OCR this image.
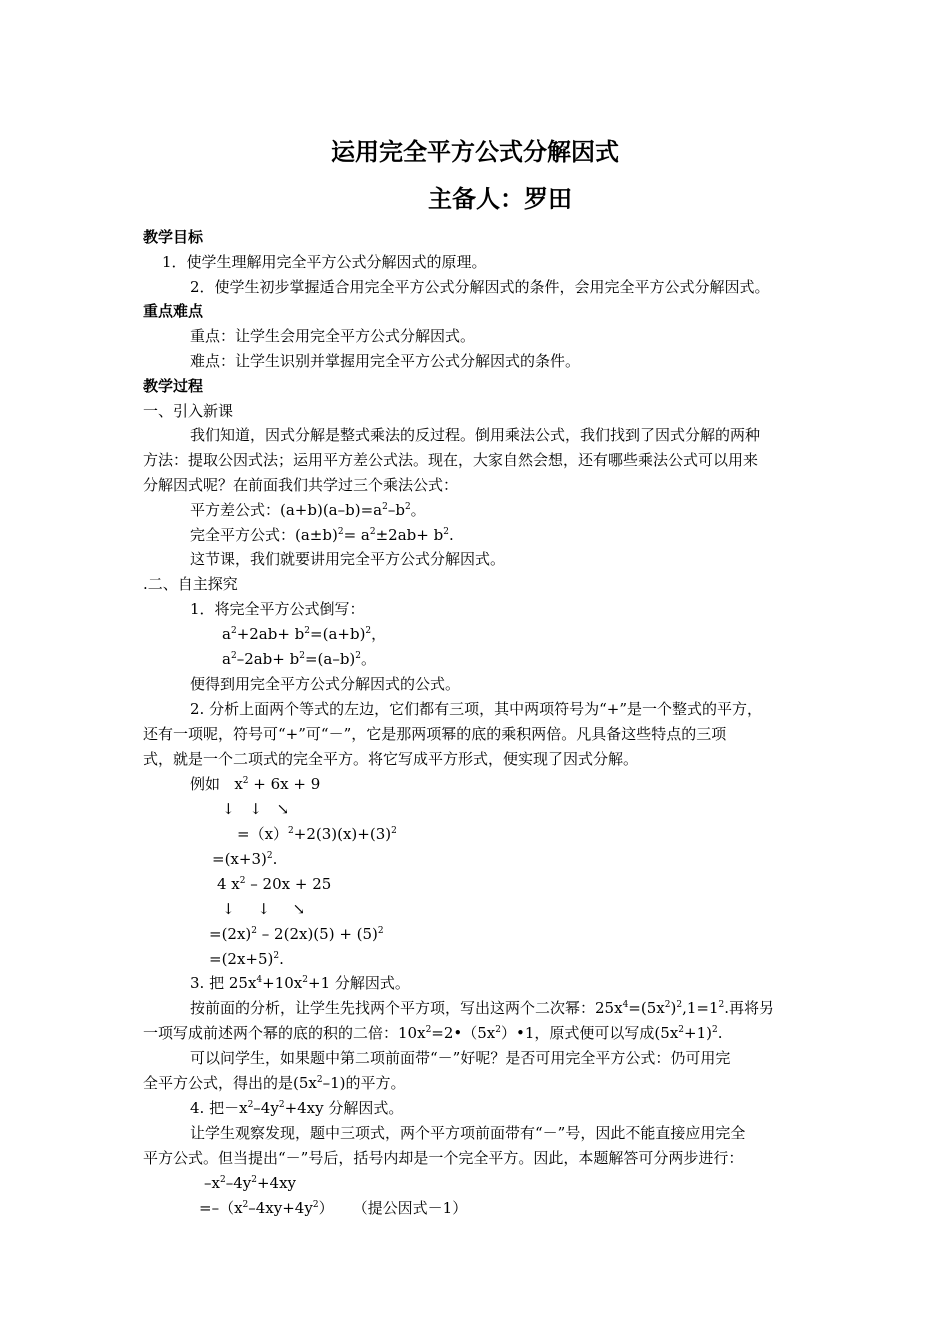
运用完全平方公式分解因式
主备人：罗田
教学目标
1．使学生理解用完全平方公式分解因式的原理。
2．使学生初步掌握适合用完全平方公式分解因式的条件，会用完全平方公式分解因式。
重点难点
重点：让学生会用完全平方公式分解因式。
难点：让学生识别并掌握用完全平方公式分解因式的条件。
教学过程
一、引入新课
我们知道，因式分解是整式乘法的反过程。倒用乘法公式，我们找到了因式分解的两种
方法：提取公因式法；运用平方差公式法。现在，大家自然会想，还有哪些乘法公式可以用来
分解因式呢？在前面我们共学过三个乘法公式：
平方差公式：$(a+b)(a-b)=a^2-b^2$。
完全平方公式：$(a\pm b)^2= a^2\pm 2ab+ b^2$.
这节课，我们就要讲用完全平方公式分解因式。
.二、自主探究
1．将完全平方公式倒写：
$a^2+2ab+ b^2=(a+b)^2$，
$a^2-2ab+ b^2=(a-b)^2$。
便得到用完全平方公式分解因式的公式。
2. 分析上面两个等式的左边，它们都有三项，其中两项符号为“+”是一个整式的平方，
还有一项呢，符号可“+”可“－”，它是那两项幂的底的乘积两倍。凡具备这些特点的三项
式，就是一个二项式的完全平方。将它写成平方形式，便实现了因式分解。
例如   $x^2 + 6x + 9$
↓ ↓ ↘
$=(x)^2+2(3)(x)+(3)^2$
$=(x+3)^2$.
4 $x^2 - 20x + 25$
↓ ↓ ↘
$=(2x)^2 - 2(2x)(5) + (5)^2$
$=(2x+5)^2$.
3. 把 $25x^4+10x^2+1$ 分解因式。
按前面的分析，让学生先找两个平方项，写出这两个二次幂：$25x^4=(5x^2)^2,1=1^2$.再将另
一项写成前述两个幂的底的积的二倍：$10x^2=2•(5x^2)•1$，原式便可以写成$(5x^2+1)^2$.
可以问学生，如果题中第二项前面带“－”好呢？是否可用完全平方公式：仍可用完
全平方公式，得出的是$(5x^2-1)$的平方。
4. 把$-x^2-4y^2+4xy$ 分解因式。
让学生观察发现，题中三项式，两个平方项前面带有“－”号，因此不能直接应用完全
平方公式。但当提出“－”号后，括号内却是一个完全平方。因此，本题解答可分两步进行：
$-x^2-4y^2+4xy$
$=-(x^2-4xy+4y^2)$    （提公因式－1）
